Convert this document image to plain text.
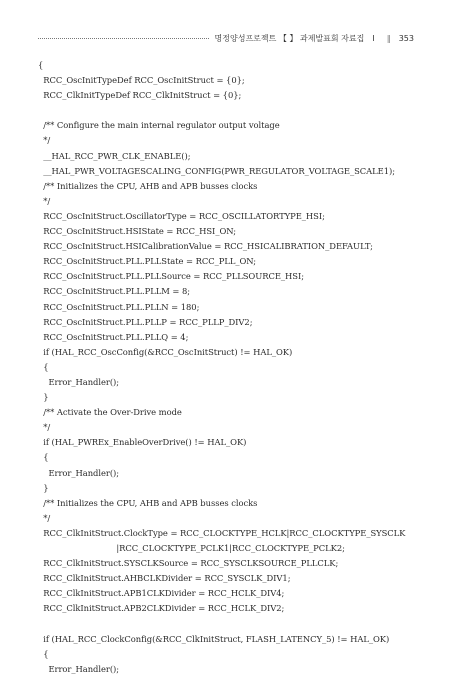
명정양성프로젝트 【 】 과제발표회 자료집 I ‖ 353
{
RCC_OscInitTypeDef RCC_OscInitStruct = {0};
RCC_ClkInitTypeDef RCC_ClkInitStruct = {0};
/** Configure the main internal regulator output voltage
*/
__HAL_RCC_PWR_CLK_ENABLE();
__HAL_PWR_VOLTAGESCALING_CONFIG(PWR_REGULATOR_VOLTAGE_SCALE1);
/** Initializes the CPU, AHB and APB busses clocks
*/
RCC_OscInitStruct.OscillatorType = RCC_OSCILLATORTYPE_HSI;
RCC_OscInitStruct.HSIState = RCC_HSI_ON;
RCC_OscInitStruct.HSICalibrationValue = RCC_HSICALIBRATION_DEFAULT;
RCC_OscInitStruct.PLL.PLLState = RCC_PLL_ON;
RCC_OscInitStruct.PLL.PLLSource = RCC_PLLSOURCE_HSI;
RCC_OscInitStruct.PLL.PLLM = 8;
RCC_OscInitStruct.PLL.PLLN = 180;
RCC_OscInitStruct.PLL.PLLP = RCC_PLLP_DIV2;
RCC_OscInitStruct.PLL.PLLQ = 4;
if (HAL_RCC_OscConfig(&RCC_OscInitStruct) != HAL_OK)
{
Error_Handler();
}
/** Activate the Over-Drive mode
*/
if (HAL_PWREx_EnableOverDrive() != HAL_OK)
{
Error_Handler();
}
/** Initializes the CPU, AHB and APB busses clocks
*/
RCC_ClkInitStruct.ClockType = RCC_CLOCKTYPE_HCLK|RCC_CLOCKTYPE_SYSCLK
|RCC_CLOCKTYPE_PCLK1|RCC_CLOCKTYPE_PCLK2;
RCC_ClkInitStruct.SYSCLKSource = RCC_SYSCLKSOURCE_PLLCLK;
RCC_ClkInitStruct.AHBCLKDivider = RCC_SYSCLK_DIV1;
RCC_ClkInitStruct.APB1CLKDivider = RCC_HCLK_DIV4;
RCC_ClkInitStruct.APB2CLKDivider = RCC_HCLK_DIV2;
if (HAL_RCC_ClockConfig(&RCC_ClkInitStruct, FLASH_LATENCY_5) != HAL_OK)
{
Error_Handler();
